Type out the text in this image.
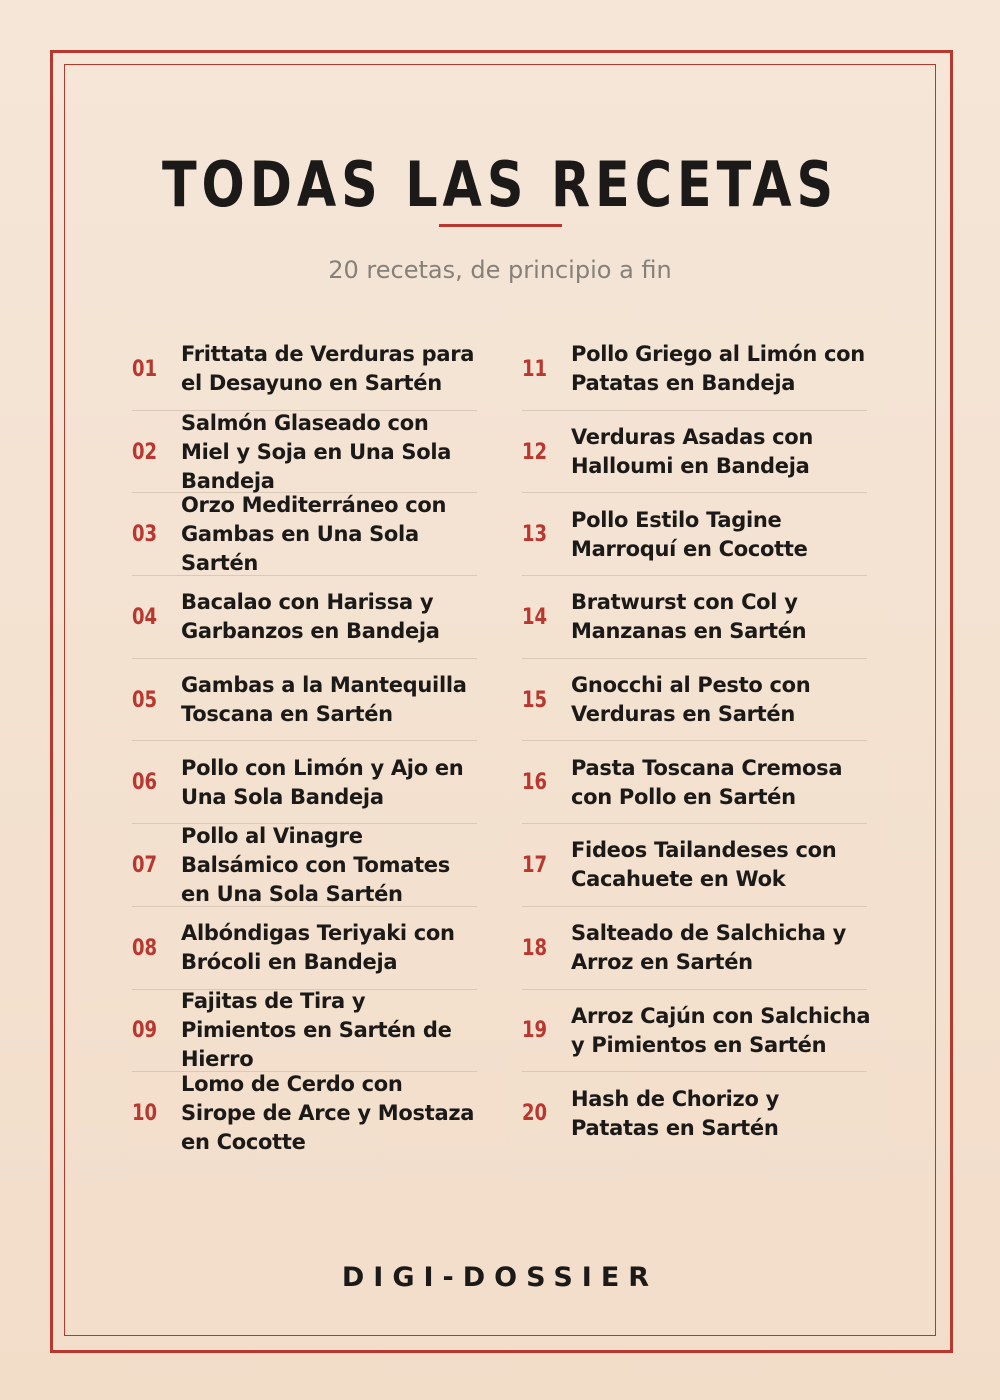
TODAS LAS RECETAS
20 recetas, de principio a fin
01
Frittata de Verduras para el Desayuno en Sartén
02
Salmón Glaseado con Miel y Soja en Una Sola Bandeja
03
Orzo Mediterráneo con Gambas en Una Sola Sartén
04
Bacalao con Harissa y Garbanzos en Bandeja
05
Gambas a la Mantequilla Toscana en Sartén
06
Pollo con Limón y Ajo en Una Sola Bandeja
07
Pollo al Vinagre Balsámico con Tomates en Una Sola Sartén
08
Albóndigas Teriyaki con Brócoli en Bandeja
09
Fajitas de Tira y Pimientos en Sartén de Hierro
10
Lomo de Cerdo con Sirope de Arce y Mostaza en Cocotte
11
Pollo Griego al Limón con Patatas en Bandeja
12
Verduras Asadas con Halloumi en Bandeja
13
Pollo Estilo Tagine Marroquí en Cocotte
14
Bratwurst con Col y Manzanas en Sartén
15
Gnocchi al Pesto con Verduras en Sartén
16
Pasta Toscana Cremosa con Pollo en Sartén
17
Fideos Tailandeses con Cacahuete en Wok
18
Salteado de Salchicha y Arroz en Sartén
19
Arroz Cajún con Salchicha y Pimientos en Sartén
20
Hash de Chorizo y Patatas en Sartén
DIGI-DOSSIER
